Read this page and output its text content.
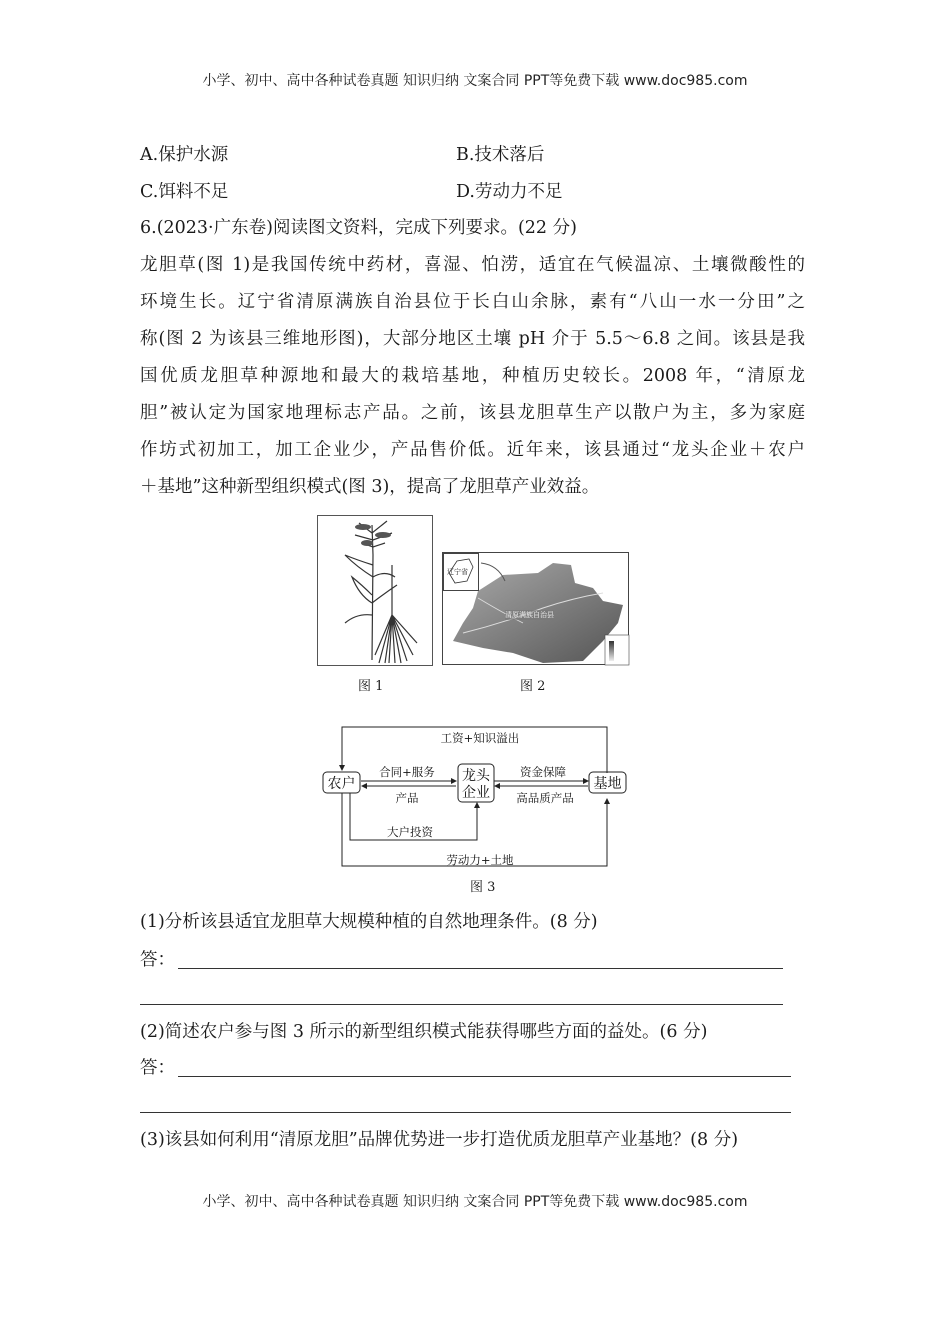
小学、初中、高中各种试卷真题 知识归纳 文案合同 PPT等免费下载 www.doc985.com
A.保护水源	B.技术落后
C.饵料不足	D.劳动力不足
6.(2023·广东卷)阅读图文资料，完成下列要求。(22 分)
龙胆草(图 1)是我国传统中药材，喜湿、怕涝，适宜在气候温凉、土壤微酸性的
环境生长。辽宁省清原满族自治县位于长白山余脉，素有“八山一水一分田”之
称(图 2 为该县三维地形图)，大部分地区土壤 pH 介于 5.5～6.8 之间。该县是我
国优质龙胆草种源地和最大的栽培基地，种植历史较长。2008 年，“清原龙
胆”被认定为国家地理标志产品。之前，该县龙胆草生产以散户为主，多为家庭
作坊式初加工，加工企业少，产品售价低。近年来，该县通过“龙头企业＋农户
＋基地”这种新型组织模式(图 3)，提高了龙胆草产业效益。
图 1
辽宁省
清原满族自治县
图 2
农户	龙头
企业
基地
工资+知识溢出
合同+服务
产品
资金保障
高品质产品
大户投资
劳动力+土地
图 3
(1)分析该县适宜龙胆草大规模种植的自然地理条件。(8 分)
答：
(2)简述农户参与图 3 所示的新型组织模式能获得哪些方面的益处。(6 分)
答：
(3)该县如何利用“清原龙胆”品牌优势进一步打造优质龙胆草产业基地？(8 分)
小学、初中、高中各种试卷真题 知识归纳 文案合同 PPT等免费下载 www.doc985.com
